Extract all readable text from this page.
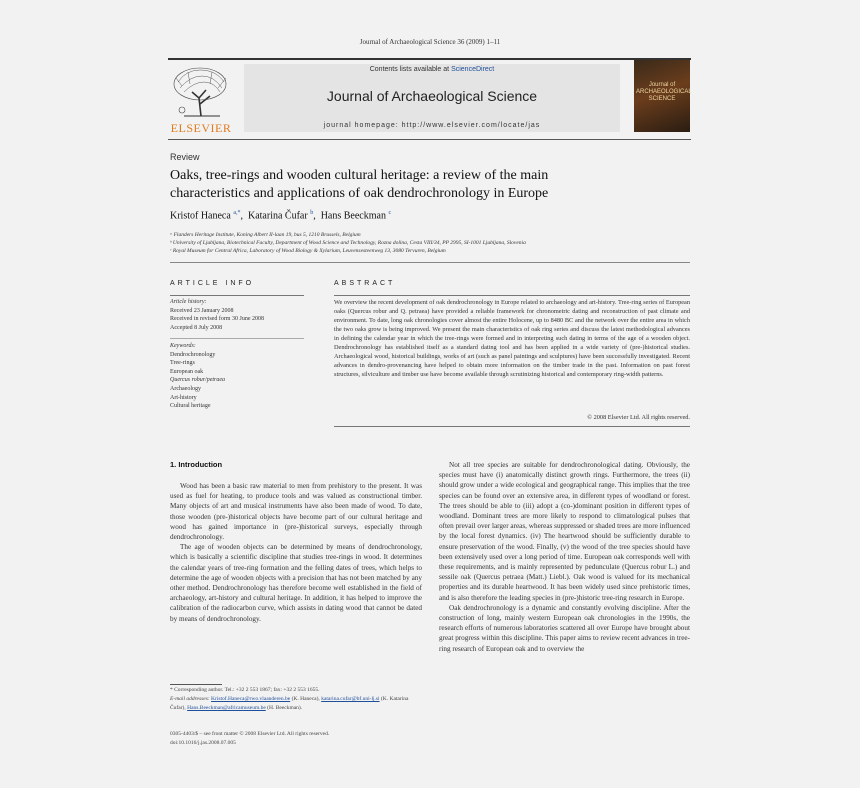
Journal of Archaeological Science 36 (2009) 1–11
ELSEVIER
Contents lists available at ScienceDirect
Journal of Archaeological Science
journal homepage: http://www.elsevier.com/locate/jas
Journal of ARCHAEOLOGICAL SCIENCE
Review
Oaks, tree-rings and wooden cultural heritage: a review of the main
characteristics and applications of oak dendrochronology in Europe
Kristof Haneca $^{a,*}$,  Katarina Čufar $^b$,  Hans Beeckman $^c$
ᵃ Flanders Heritage Institute, Koning Albert II-laan 19, bus 5, 1210 Brussels, Belgium
ᵇ University of Ljubljana, Biotechnical Faculty, Department of Wood Science and Technology, Rozna dolina, Cesta VIII/34, PP 2995, SI-1001 Ljubljana, Slovenia
ᶜ Royal Museum for Central Africa, Laboratory of Wood Biology & Xylarium, Leuvensesteenweg 13, 3080 Tervuren, Belgium
ARTICLE INFO
Article history:
Received 23 January 2008
Received in revised form 30 June 2008
Accepted 8 July 2008
Keywords:
Dendrochronology
Tree-rings
European oak
Quercus robur/petraea
Archaeology
Art-history
Cultural heritage
ABSTRACT
We overview the recent development of oak dendrochronology in Europe related to archaeology and art-history. Tree-ring series of European oaks (Quercus robur and Q. petraea) have provided a reliable framework for chronometric dating and reconstruction of past climate and environment. To date, long oak chronologies cover almost the entire Holocene, up to 8480 BC and the network over the entire area in which the two oaks grow is being improved. We present the main characteristics of oak ring series and discuss the latest methodological advances in defining the calendar year in which the tree-rings were formed and in interpreting such dating in terms of the age of a wooden object. Dendrochronology has established itself as a standard dating tool and has been applied in a wide variety of (pre-)historical studies. Archaeological wood, historical buildings, works of art (such as panel paintings and sculptures) have been successfully investigated. Recent advances in dendro-provenancing have helped to obtain more information on the timber trade in the past. Information on past forest structures, silviculture and timber use have become available through scrutinizing historical and contemporary ring-width patterns.
© 2008 Elsevier Ltd. All rights reserved.
1. Introduction

Wood has been a basic raw material to men from prehistory to the present. It was used as fuel for heating, to produce tools and was valued as constructional timber. Many objects of art and musical instruments have also been made of wood. To date, those wooden (pre-)historical objects have become part of our cultural heritage and wood has gained importance in (pre-)historical surveys, especially through dendrochronology.

The age of wooden objects can be determined by means of dendrochronology, which is basically a scientific discipline that studies tree-rings in wood. It determines the calendar years of tree-ring formation and the felling dates of trees, which helps to determine the age of wooden objects with a precision that has not been matched by any other method. Dendrochronology has therefore become well established in the field of archaeology, art-history and cultural heritage. In addition, it has helped to improve the calibration of the radiocarbon curve, which assists in dating wood that cannot be dated by means of dendrochronology.

Not all tree species are suitable for dendrochronological dating. Obviously, the species must have (i) anatomically distinct growth rings. Furthermore, the trees (ii) should grow under a wide ecological and geographical range. This implies that the tree species can be found over an extensive area, in different types of woodland or forest. The trees should be able to (iii) adopt a (co-)dominant position in different types of woodland. Dominant trees are more likely to respond to climatological pulses that often prevail over larger areas, whereas suppressed or shaded trees are more influenced by the local forest dynamics. (iv) The heartwood should be sufficiently durable to ensure preservation of the wood. Finally, (v) the wood of the tree species should have been extensively used over a long period of time. European oak corresponds well with these requirements, and is mainly represented by pedunculate (Quercus robur L.) and sessile oak (Quercus petraea (Matt.) Liebl.). Oak wood is valued for its mechanical properties and its durable heartwood. It has been widely used since prehistoric times, and is also therefore the leading species in (pre-)historic tree-ring research in Europe.

Oak dendrochronology is a dynamic and constantly evolving discipline. After the construction of long, mainly western European oak chronologies in the 1990s, the research efforts of numerous laboratories scattered all over Europe have brought about great progress within this discipline. This paper aims to review recent advances in tree-ring research of European oak and to overview the

* Corresponding author. Tel.: +32 2 553 1867; fax: +32 2 553 1655.
E-mail addresses: Kristof.Haneca@rwo.vlaanderen.be (K. Haneca), katarina.cufar@bf.uni-lj.si (K. Katarina Čufar), Hans.Beeckman@africamuseum.be (H. Beeckman).
0305-4403/$ – see front matter © 2008 Elsevier Ltd. All rights reserved.
doi:10.1016/j.jas.2008.07.005
